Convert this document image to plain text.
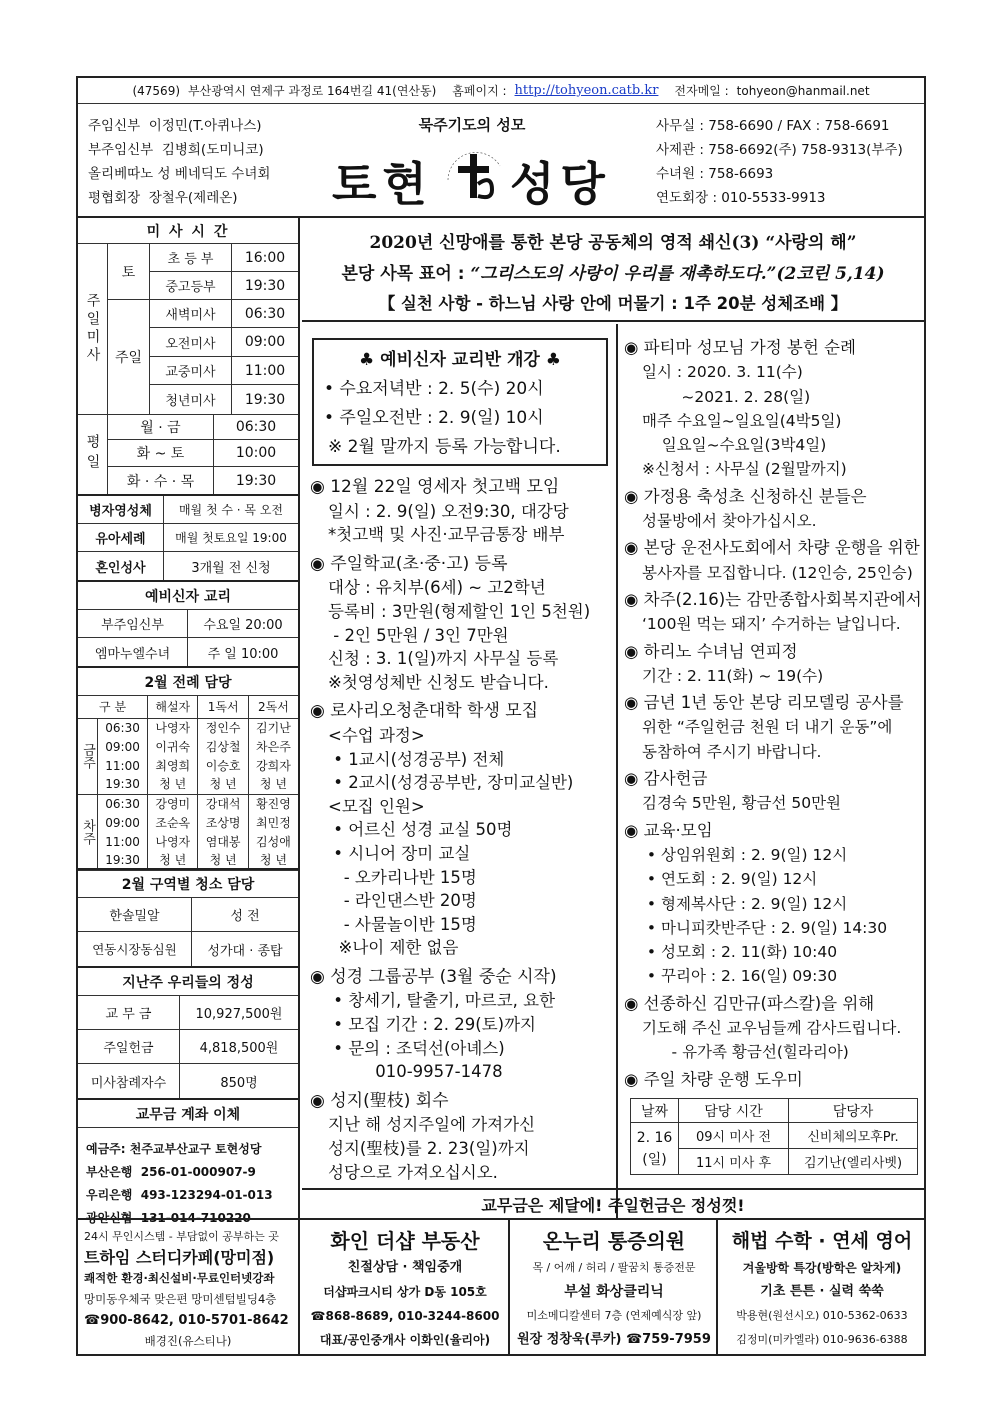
(47569) 부산광역시 연제구 과정로 164번길 41(연산동) 홈페이지 : http://tohyeon.catb.kr 전자메일 : tohyeon@hanmail.net
주임신부 이정민(T.아퀴나스)
부주임신부 김병희(도미니코)
올리베따노 성 베네딕도 수녀회
평협회장 장철우(제레온)
묵주기도의 성모
토현 성당
사무실 : 758-6690 / FAX : 758-6691
사제관 : 758-6692(주) 758-9313(부주)
수녀원 : 758-6693
연도회장 : 010-5533-9913
미 사 시 간
주일미사
토
주일
초 등 부	16:00
중고등부	19:30
새벽미사	06:30
오전미사	09:00
교중미사	11:00
청년미사	19:30
평일
월 · 금	06:30
화 ~ 토	10:00
화 · 수 · 목	19:30
병자영성체	매월 첫 수 · 목 오전
유아세례	매월 첫토요일 19:00
혼인성사	3개월 전 신청
예비신자 교리
부주임신부	수요일 20:00
엠마누엘수녀	주 일 10:00
2월 전례 담당
구 분		해설자	1독서	2독서
금주	06:30	나영자	정인수	김기난
	09:00	이귀숙	김상철	차은주
	11:00	최영희	이승호	강희자
	19:30	청 년	청 년	청 년
차주	06:30	강영미	강대석	황진영
	09:00	조순옥	조상명	최민정
	11:00	나영자	염대봉	김성애
	19:30	청 년	청 년	청 년
2월 구역별 청소 담당
한솔밀알	성 전
연동시장동심원	성가대 · 종탑
지난주 우리들의 정성
교 무 금	10,927,500원
주일헌금	4,818,500원
미사참례자수	850명
교무금 계좌 이체
예금주: 천주교부산교구 토현성당
부산은행 256-01-000907-9
우리은행 493-123294-01-013
광안신협 131-014-710220
2020년 신망애를 통한 본당 공동체의 영적 쇄신(3) “사랑의 해”
본당 사목 표어 : “그리스도의 사랑이 우리를 재촉하도다.”(2코린 5,14)
【 실천 사항 - 하느님 사랑 안에 머물기 : 1주 20분 성체조배 】
♣ 예비신자 교리반 개강 ♣
• 수요저녁반 : 2. 5(수) 20시
• 주일오전반 : 2. 9(일) 10시
※ 2월 말까지 등록 가능합니다.
◉ 12월 22일 영세자 첫고백 모임
일시 : 2. 9(일) 오전9:30, 대강당
*첫고백 및 사진·교무금통장 배부
◉ 주일학교(초·중·고) 등록
대상 : 유치부(6세) ~ 고2학년
등록비 : 3만원(형제할인 1인 5천원)
- 2인 5만원 / 3인 7만원
신청 : 3. 1(일)까지 사무실 등록
※첫영성체반 신청도 받습니다.
◉ 로사리오청춘대학 학생 모집
<수업 과정>
• 1교시(성경공부) 전체
• 2교시(성경공부반, 장미교실반)
<모집 인원>
• 어르신 성경 교실 50명
• 시니어 장미 교실
- 오카리나반 15명
- 라인댄스반 20명
- 사물놀이반 15명
※나이 제한 없음
◉ 성경 그룹공부 (3월 중순 시작)
• 창세기, 탈출기, 마르코, 요한
• 모집 기간 : 2. 29(토)까지
• 문의 : 조덕선(아녜스)
010-9957-1478
◉ 성지(聖枝) 회수
지난 해 성지주일에 가져가신
성지(聖枝)를 2. 23(일)까지
성당으로 가져오십시오.
◉ 파티마 성모님 가정 봉헌 순례
일시 : 2020. 3. 11(수)
~2021. 2. 28(일)
매주 수요일~일요일(4박5일)
일요일~수요일(3박4일)
※신청서 : 사무실 (2월말까지)
◉ 가정용 축성초 신청하신 분들은
성물방에서 찾아가십시오.
◉ 본당 운전사도회에서 차량 운행을 위한
봉사자를 모집합니다. (12인승, 25인승)
◉ 차주(2.16)는 감만종합사회복지관에서
‘100원 먹는 돼지’ 수거하는 날입니다.
◉ 하리노 수녀님 연피정
기간 : 2. 11(화) ~ 19(수)
◉ 금년 1년 동안 본당 리모델링 공사를
위한 “주일헌금 천원 더 내기 운동”에
동참하여 주시기 바랍니다.
◉ 감사헌금
김경숙 5만원, 황금선 50만원
◉ 교육·모임
• 상임위원회 : 2. 9(일) 12시
• 연도회 : 2. 9(일) 12시
• 형제복사단 : 2. 9(일) 12시
• 마니피캇반주단 : 2. 9(일) 14:30
• 성모회 : 2. 11(화) 10:40
• 꾸리아 : 2. 16(일) 09:30
◉ 선종하신 김만규(파스칼)을 위해
기도해 주신 교우님들께 감사드립니다.
- 유가족 황금선(힐라리아)
◉ 주일 차량 운행 도우미
날짜	담당 시간	담당자
2. 16
(일)	09시 미사 전	신비체의모후Pr.
	11시 미사 후	김기난(엘리사벳)
교무금은 제달에! 주일헌금은 정성껏!
24시 무인시스템 - 부담없이 공부하는 곳
트하임 스터디카페(망미점)
쾌적한 환경·최신설비·무료인터넷강좌
망미동우체국 맞은편 망미센텀빌딩4층
☎900-8642, 010-5701-8642
배경진(유스티나)
화인 더샵 부동산
친절상담 · 책임중개
더샵파크시티 상가 D동 105호
☎868-8689, 010-3244-8600
대표/공인중개사 이화인(율리아)
온누리 통증의원
목 / 어깨 / 허리 / 팔꿈치 통증전문
부설 화상클리닉
미소메디칼센터 7층 (연제예식장 앞)
원장 정창욱(루카) ☎759-7959
해법 수학 · 연세 영어
겨울방학 특강(방학은 알차게)
기초 튼튼 · 실력 쑥쑥
박용현(원선시오) 010-5362-0633
김정미(미카엘라) 010-9636-6388
